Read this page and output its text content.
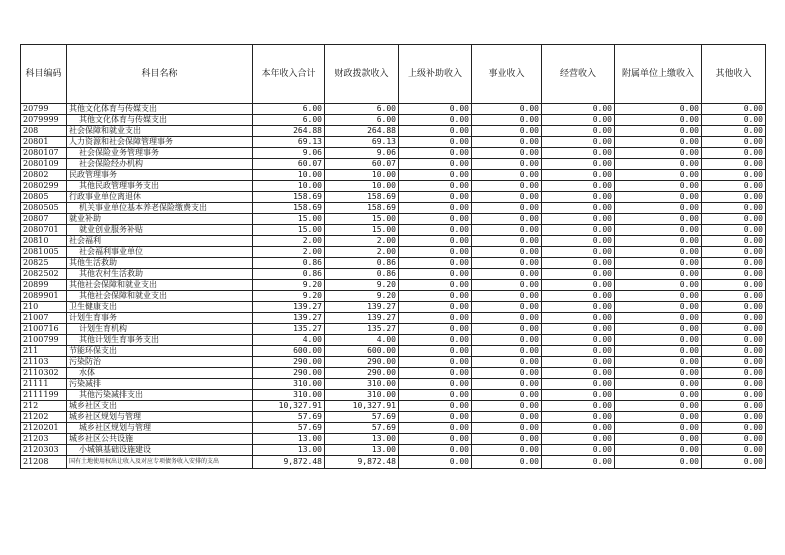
科目编码	科目名称	本年收入合计	财政拨款收入	上级补助收入	事业收入	经营收入	附属单位上缴收入	其他收入
20799	其他文化体育与传媒支出	6.00	6.00	0.00	0.00	0.00	0.00	0.00
2079999	其他文化体育与传媒支出	6.00	6.00	0.00	0.00	0.00	0.00	0.00
208	社会保障和就业支出	264.88	264.88	0.00	0.00	0.00	0.00	0.00
20801	人力资源和社会保障管理事务	69.13	69.13	0.00	0.00	0.00	0.00	0.00
2080107	社会保险业务管理事务	9.06	9.06	0.00	0.00	0.00	0.00	0.00
2080109	社会保险经办机构	60.07	60.07	0.00	0.00	0.00	0.00	0.00
20802	民政管理事务	10.00	10.00	0.00	0.00	0.00	0.00	0.00
2080299	其他民政管理事务支出	10.00	10.00	0.00	0.00	0.00	0.00	0.00
20805	行政事业单位离退休	158.69	158.69	0.00	0.00	0.00	0.00	0.00
2080505	机关事业单位基本养老保险缴费支出	158.69	158.69	0.00	0.00	0.00	0.00	0.00
20807	就业补助	15.00	15.00	0.00	0.00	0.00	0.00	0.00
2080701	就业创业服务补贴	15.00	15.00	0.00	0.00	0.00	0.00	0.00
20810	社会福利	2.00	2.00	0.00	0.00	0.00	0.00	0.00
2081005	社会福利事业单位	2.00	2.00	0.00	0.00	0.00	0.00	0.00
20825	其他生活救助	0.86	0.86	0.00	0.00	0.00	0.00	0.00
2082502	其他农村生活救助	0.86	0.86	0.00	0.00	0.00	0.00	0.00
20899	其他社会保障和就业支出	9.20	9.20	0.00	0.00	0.00	0.00	0.00
2089901	其他社会保障和就业支出	9.20	9.20	0.00	0.00	0.00	0.00	0.00
210	卫生健康支出	139.27	139.27	0.00	0.00	0.00	0.00	0.00
21007	计划生育事务	139.27	139.27	0.00	0.00	0.00	0.00	0.00
2100716	计划生育机构	135.27	135.27	0.00	0.00	0.00	0.00	0.00
2100799	其他计划生育事务支出	4.00	4.00	0.00	0.00	0.00	0.00	0.00
211	节能环保支出	600.00	600.00	0.00	0.00	0.00	0.00	0.00
21103	污染防治	290.00	290.00	0.00	0.00	0.00	0.00	0.00
2110302	水体	290.00	290.00	0.00	0.00	0.00	0.00	0.00
21111	污染减排	310.00	310.00	0.00	0.00	0.00	0.00	0.00
2111199	其他污染减排支出	310.00	310.00	0.00	0.00	0.00	0.00	0.00
212	城乡社区支出	10,327.91	10,327.91	0.00	0.00	0.00	0.00	0.00
21202	城乡社区规划与管理	57.69	57.69	0.00	0.00	0.00	0.00	0.00
2120201	城乡社区规划与管理	57.69	57.69	0.00	0.00	0.00	0.00	0.00
21203	城乡社区公共设施	13.00	13.00	0.00	0.00	0.00	0.00	0.00
2120303	小城镇基础设施建设	13.00	13.00	0.00	0.00	0.00	0.00	0.00
21208	国有土地使用权出让收入及对应专项债务收入安排的支出	9,872.48	9,872.48	0.00	0.00	0.00	0.00	0.00
